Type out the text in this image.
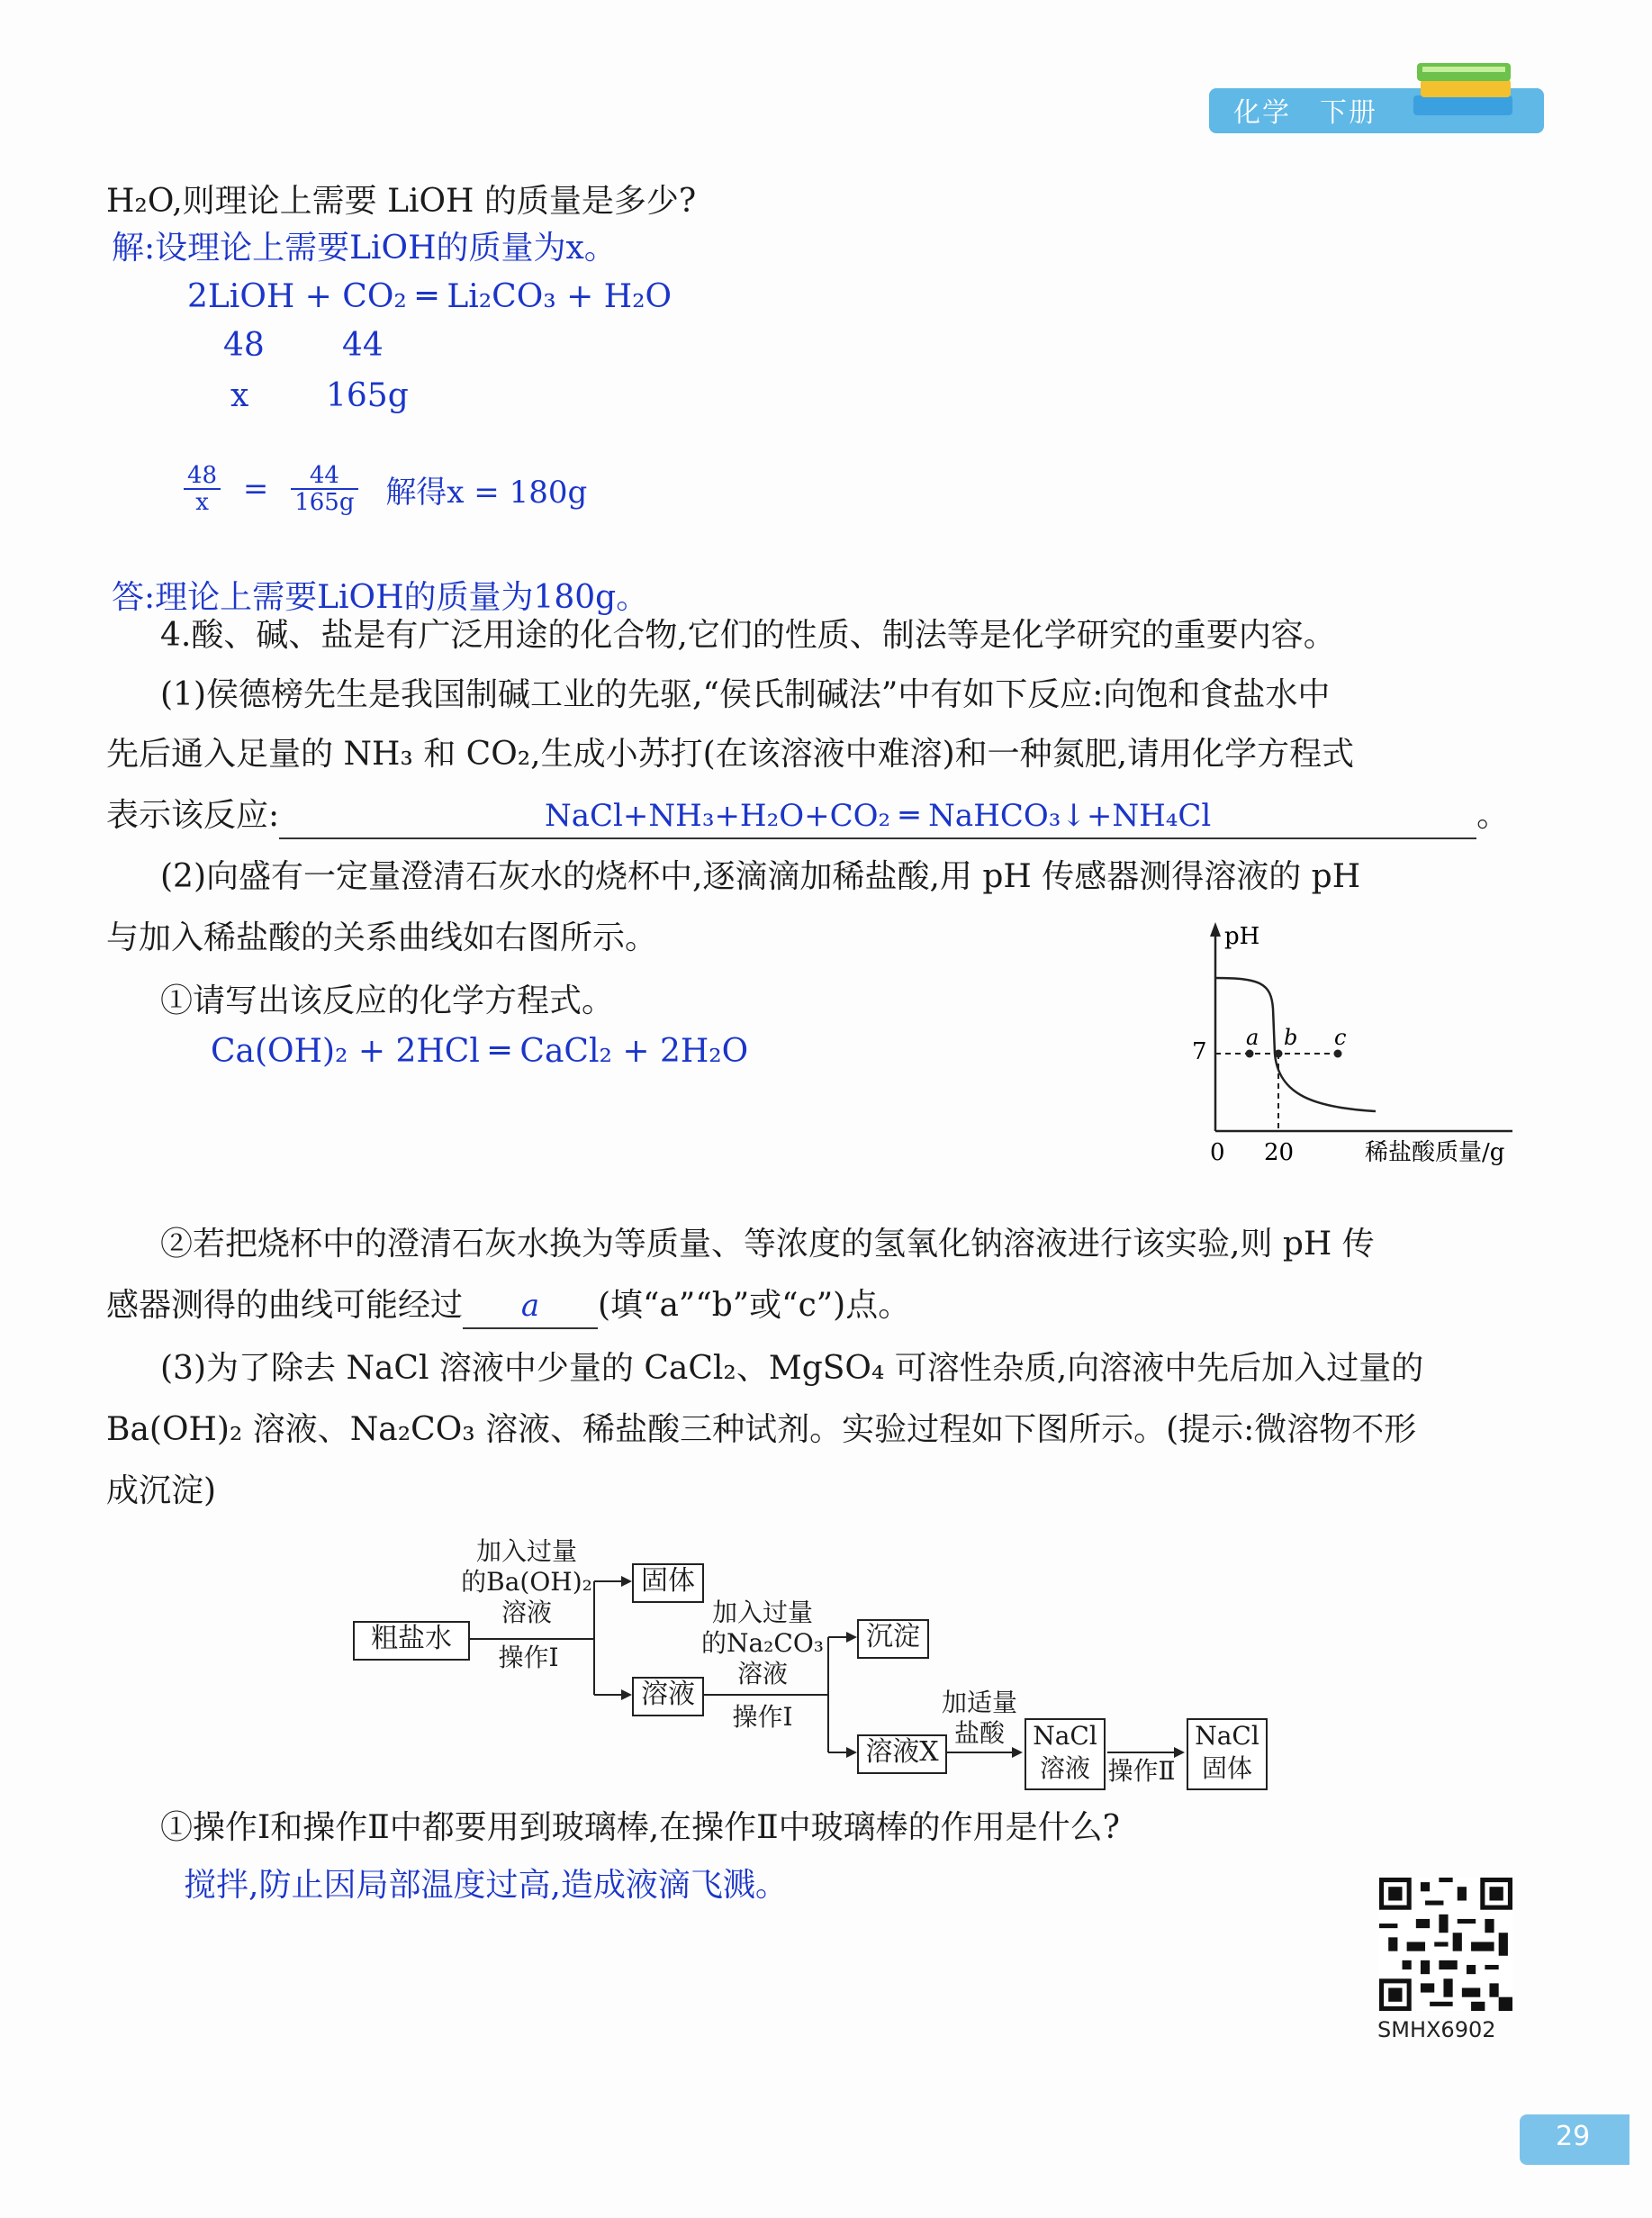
化学　下册
H₂O,则理论上需要 LiOH 的质量是多少?
解:设理论上需要LiOH的质量为x。
2LiOH + CO₂ ═ Li₂CO₃ + H₂O
48 44
x 165g
$\frac{48}{x} = \frac{44}{165g}$ 解得x = 180g
答:理论上需要LiOH的质量为180g。
4.酸、碱、盐是有广泛用途的化合物,它们的性质、制法等是化学研究的重要内容。
(1)侯德榜先生是我国制碱工业的先驱,“侯氏制碱法”中有如下反应:向饱和食盐水中
先后通入足量的 NH₃ 和 CO₂,生成小苏打(在该溶液中难溶)和一种氮肥,请用化学方程式
表示该反应:	NaCl+NH₃+H₂O+CO₂ ═ NaHCO₃↓+NH₄Cl	。
(2)向盛有一定量澄清石灰水的烧杯中,逐滴滴加稀盐酸,用 pH 传感器测得溶液的 pH
与加入稀盐酸的关系曲线如右图所示。
①请写出该反应的化学方程式。
Ca(OH)₂ + 2HCl ═ CaCl₂ + 2H₂O
pH
7
0 20	稀盐酸质量/g
a b c
②若把烧杯中的澄清石灰水换为等质量、等浓度的氢氧化钠溶液进行该实验,则 pH 传
感器测得的曲线可能经过 a (填“a”“b”或“c”)点。
(3)为了除去 NaCl 溶液中少量的 CaCl₂、MgSO₄ 可溶性杂质,向溶液中先后加入过量的
Ba(OH)₂ 溶液、Na₂CO₃ 溶液、稀盐酸三种试剂。实验过程如下图所示。(提示:微溶物不形
成沉淀)
粗盐水
加入过量
的Ba(OH)₂
溶液
操作Ⅰ
固体
溶液
加入过量
的Na₂CO₃
溶液
操作Ⅰ
沉淀
溶液X
加适量
盐酸	NaCl
溶液 操作Ⅱ
NaCl
固体
①操作Ⅰ和操作Ⅱ中都要用到玻璃棒,在操作Ⅱ中玻璃棒的作用是什么?
搅拌,防止因局部温度过高,造成液滴飞溅。
SMHX6902
29
